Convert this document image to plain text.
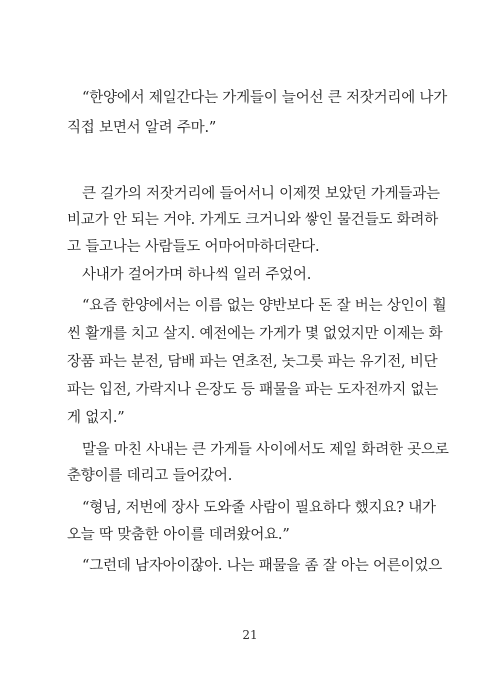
“한양에서 제일간다는 가게들이 늘어선 큰 저잣거리에 나가
직접 보면서 알려 주마.”
큰 길가의 저잣거리에 들어서니 이제껏 보았던 가게들과는
비교가 안 되는 거야. 가게도 크거니와 쌓인 물건들도 화려하
고 들고나는 사람들도 어마어마하더란다.
사내가 걸어가며 하나씩 일러 주었어.
“요즘 한양에서는 이름 없는 양반보다 돈 잘 버는 상인이 훨
씬 활개를 치고 살지. 예전에는 가게가 몇 없었지만 이제는 화
장품 파는 분전, 담배 파는 연초전, 놋그릇 파는 유기전, 비단
파는 입전, 가락지나 은장도 등 패물을 파는 도자전까지 없는
게 없지.”
말을 마친 사내는 큰 가게들 사이에서도 제일 화려한 곳으로
춘향이를 데리고 들어갔어.
“형님, 저번에 장사 도와줄 사람이 필요하다 했지요? 내가
오늘 딱 맞춤한 아이를 데려왔어요.”
“그런데 남자아이잖아. 나는 패물을 좀 잘 아는 어른이었으
21
